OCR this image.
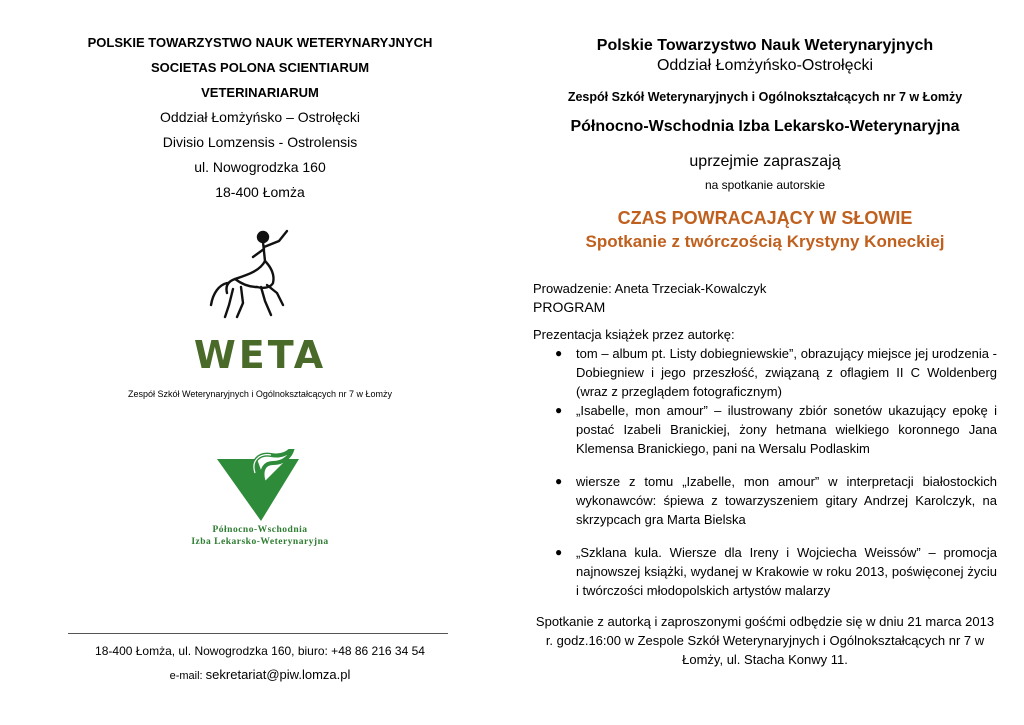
POLSKIE TOWARZYSTWO NAUK WETERYNARYJNYCH
SOCIETAS POLONA SCIENTIARUM
VETERINARIARUM
Oddział Łomżyńsko – Ostrołęcki
Divisio Lomzensis - Ostrolensis
ul. Nowogrodzka 160
18-400 Łomża
WETA
Zespół Szkół Weterynaryjnych i Ogólnokształcących nr 7 w Łomży
Północno-Wschodnia
Izba Lekarsko-Weterynaryjna
18-400 Łomża, ul. Nowogrodzka 160, biuro: +48 86 216 34 54
e-mail: sekretariat@piw.lomza.pl
Polskie Towarzystwo Nauk Weterynaryjnych
Oddział Łomżyńsko-Ostrołęcki
Zespół Szkół Weterynaryjnych i Ogólnokształcących nr 7 w Łomży
Północno-Wschodnia Izba Lekarsko-Weterynaryjna
uprzejmie zapraszają
na spotkanie autorskie
CZAS POWRACAJĄCY W SŁOWIE
Spotkanie z twórczością Krystyny Koneckiej
Prowadzenie: Aneta Trzeciak-Kowalczyk
PROGRAM
Prezentacja książek przez autorkę:
● tom – album pt. Listy dobiegniewskie”, obrazujący miejsce jej urodzenia - Dobiegniew i jego przeszłość, związaną z oflagiem II C Woldenberg (wraz z przeglądem fotograficznym)
● „Isabelle, mon amour” – ilustrowany zbiór sonetów ukazujący epokę i postać Izabeli Branickiej, żony hetmana wielkiego koronnego Jana Klemensa Branickiego, pani na Wersalu Podlaskim
● wiersze z tomu „Izabelle, mon amour” w interpretacji białostockich wykonawców: śpiewa z towarzyszeniem gitary Andrzej Karolczyk, na skrzypcach gra Marta Bielska
● „Szklana kula. Wiersze dla Ireny i Wojciecha Weissów” – promocja najnowszej książki, wydanej w Krakowie w roku 2013, poświęconej życiu i twórczości młodopolskich artystów malarzy
Spotkanie z autorką i zaproszonymi gośćmi odbędzie się w dniu 21 marca 2013 r. godz.16:00 w Zespole Szkół Weterynaryjnych i Ogólnokształcących nr 7 w Łomży, ul. Stacha Konwy 11.
